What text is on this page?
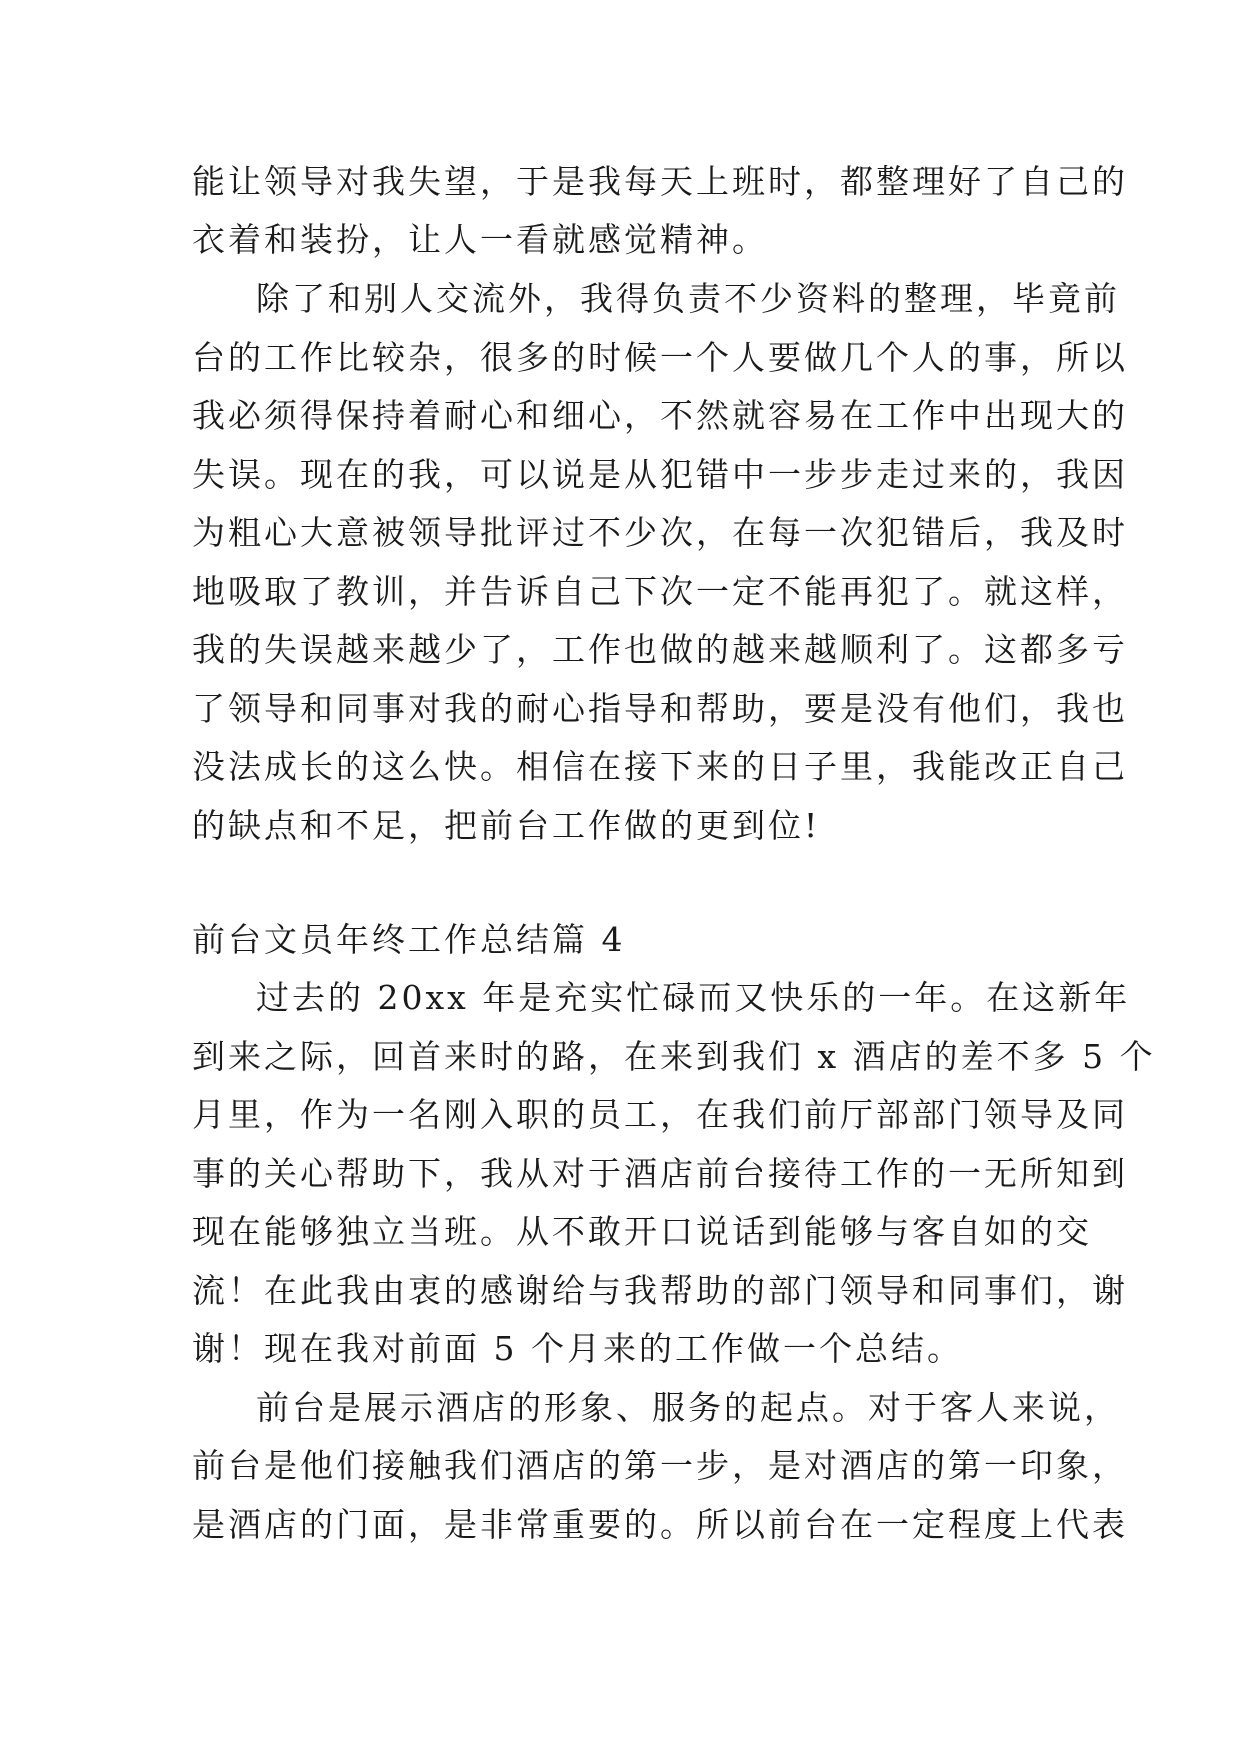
能让领导对我失望，于是我每天上班时，都整理好了自己的
衣着和装扮，让人一看就感觉精神。
除了和别人交流外，我得负责不少资料的整理，毕竟前
台的工作比较杂，很多的时候一个人要做几个人的事，所以
我必须得保持着耐心和细心，不然就容易在工作中出现大的
失误。现在的我，可以说是从犯错中一步步走过来的，我因
为粗心大意被领导批评过不少次，在每一次犯错后，我及时
地吸取了教训，并告诉自己下次一定不能再犯了。就这样，
我的失误越来越少了，工作也做的越来越顺利了。这都多亏
了领导和同事对我的耐心指导和帮助，要是没有他们，我也
没法成长的这么快。相信在接下来的日子里，我能改正自己
的缺点和不足，把前台工作做的更到位!
前台文员年终工作总结篇 4
过去的 20xx 年是充实忙碌而又快乐的一年。在这新年
到来之际，回首来时的路，在来到我们 x 酒店的差不多 5 个
月里，作为一名刚入职的员工，在我们前厅部部门领导及同
事的关心帮助下，我从对于酒店前台接待工作的一无所知到
现在能够独立当班。从不敢开口说话到能够与客自如的交
流！在此我由衷的感谢给与我帮助的部门领导和同事们，谢
谢！现在我对前面 5 个月来的工作做一个总结。
前台是展示酒店的形象、服务的起点。对于客人来说，
前台是他们接触我们酒店的第一步，是对酒店的第一印象，
是酒店的门面，是非常重要的。所以前台在一定程度上代表
